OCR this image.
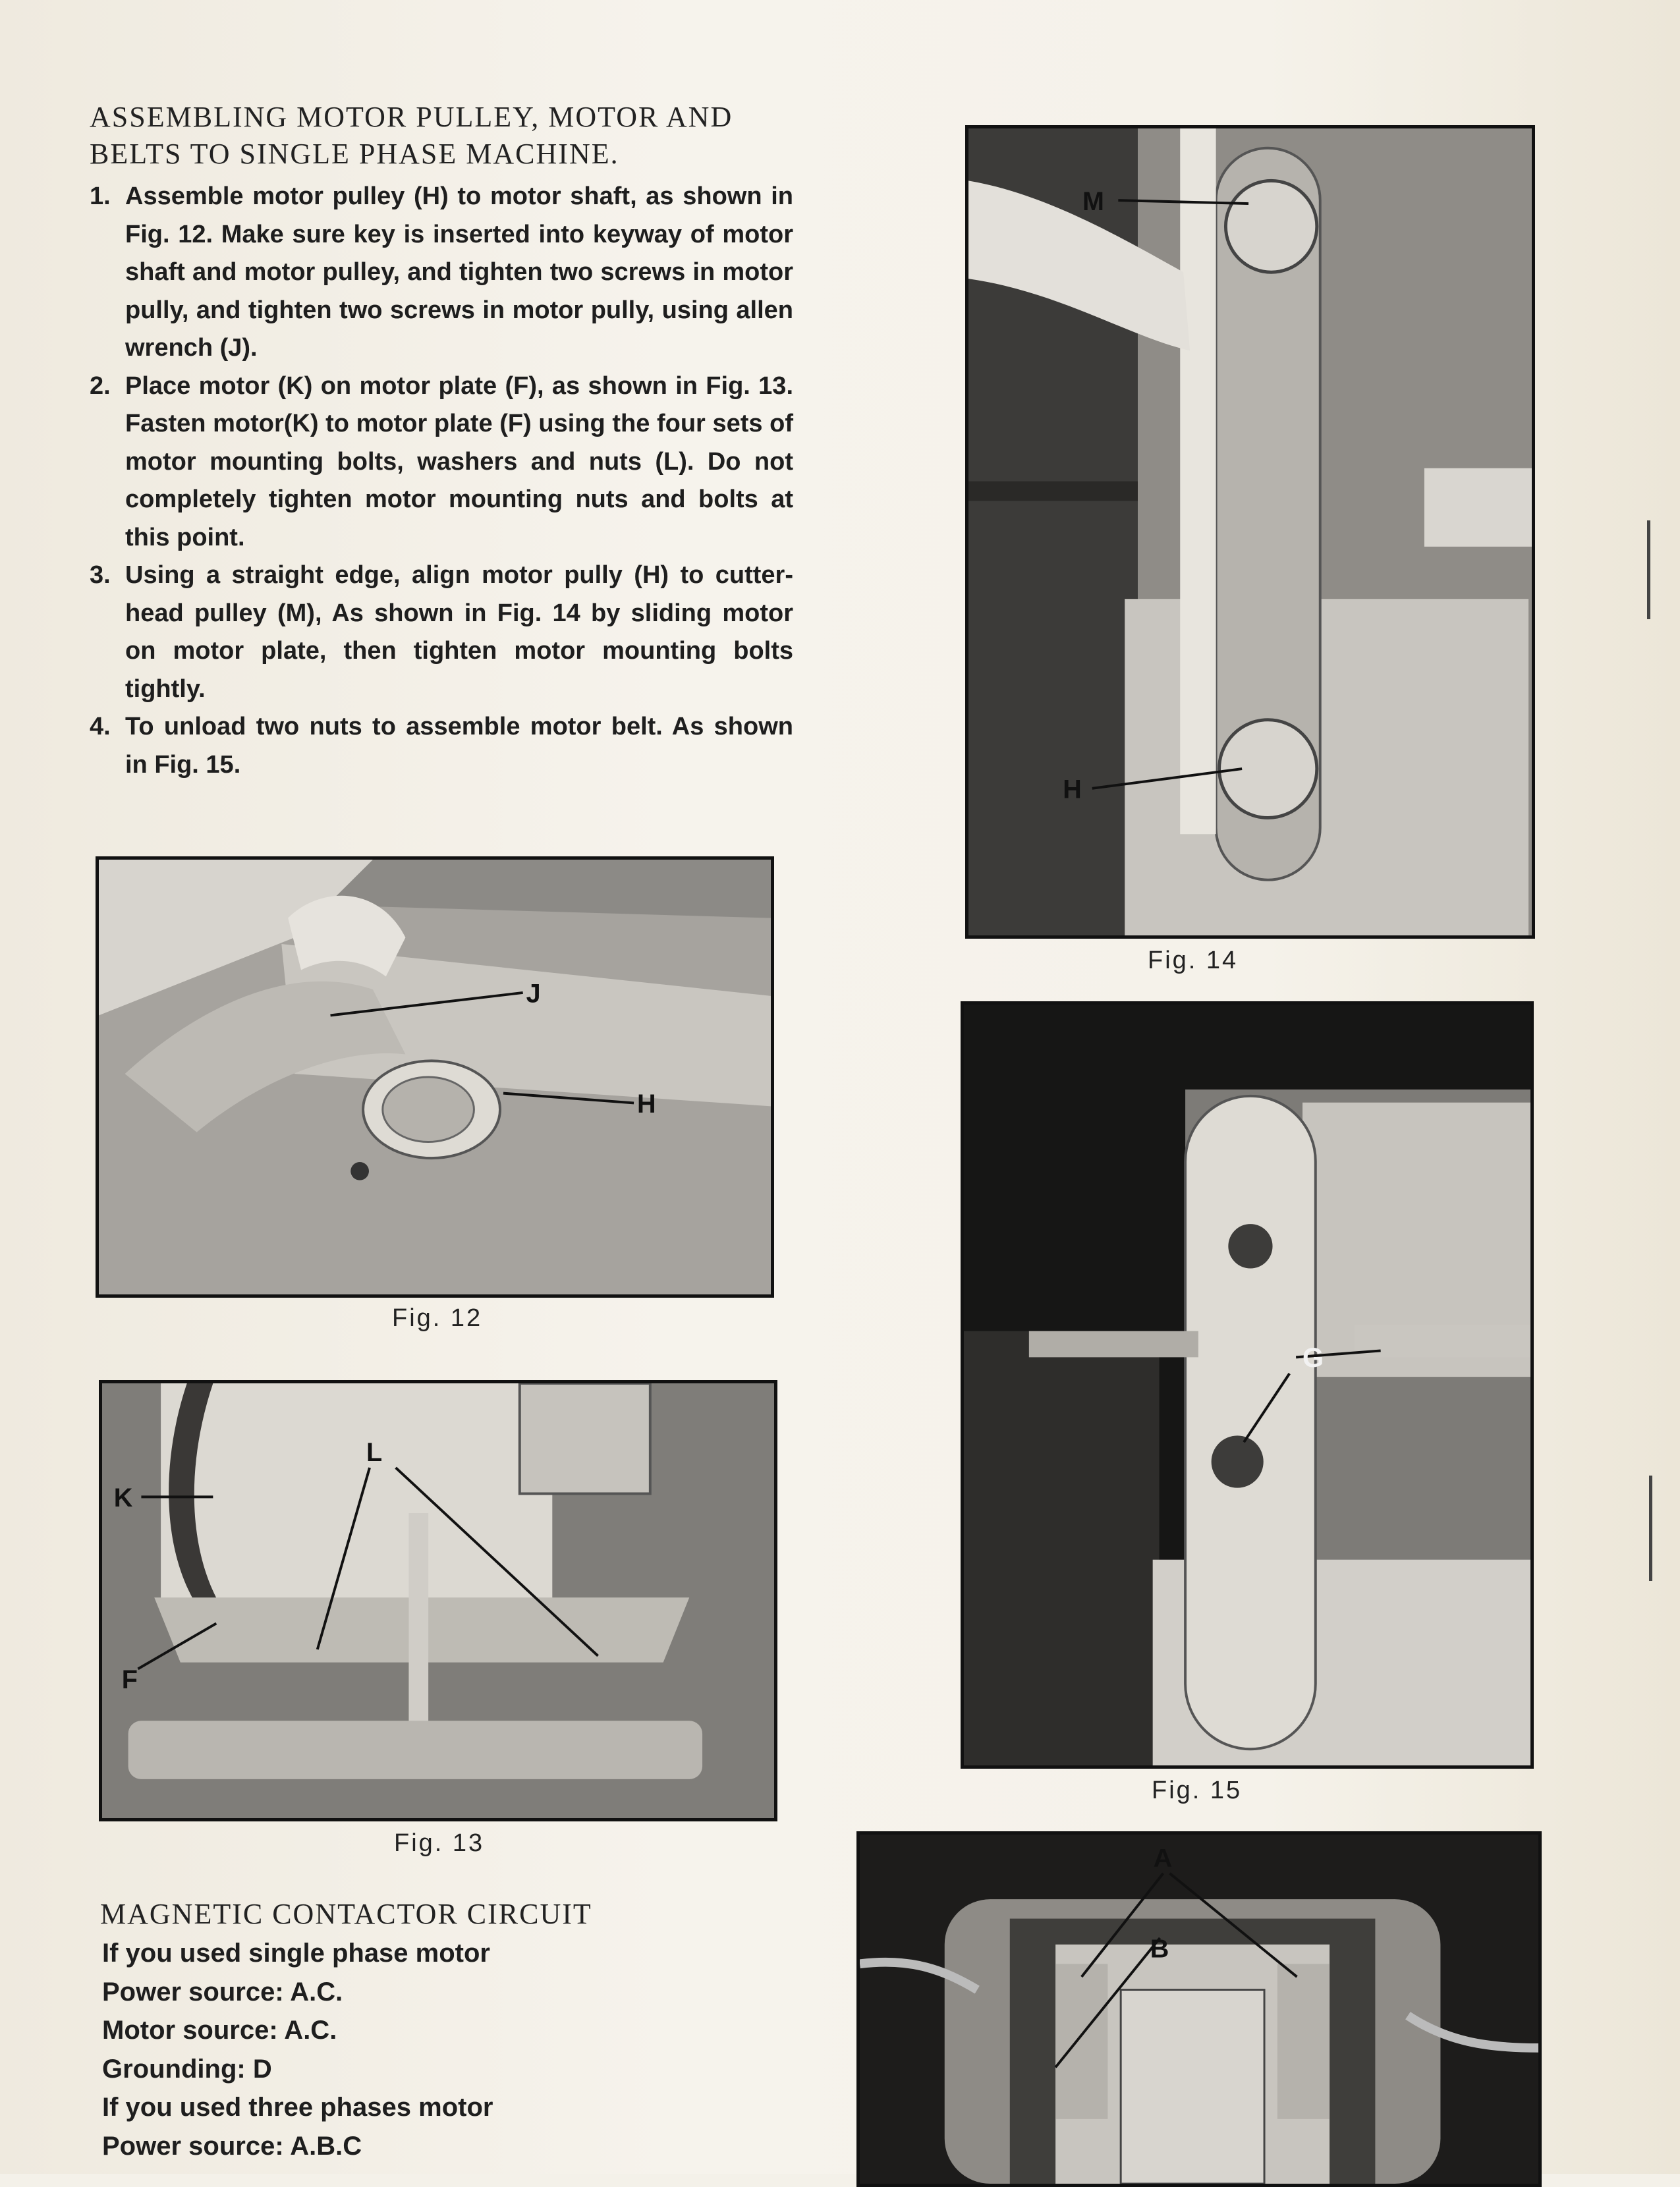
ASSEMBLING MOTOR PULLEY, MOTOR AND
BELTS TO SINGLE PHASE MACHINE.
1. Assemble motor pulley (H) to motor shaft, as shown in Fig. 12. Make sure key is inserted into keyway of motor shaft and motor pulley, and tighten two screws in motor pully, and tighten two screws in motor pully, using allen wrench (J).
2. Place motor (K) on motor plate (F), as shown in Fig. 13. Fasten motor(K) to motor plate (F) using the four sets of motor mounting bolts, washers and nuts (L). Do not completely tighten motor mounting nuts and bolts at this point.
3. Using a straight edge, align motor pully (H) to cutter-head pulley (M), As shown in Fig. 14 by sliding motor on motor plate, then tighten motor mounting bolts tightly.
4. To unload two nuts to assemble motor belt. As shown in Fig. 15.
J
H
Fig. 12
L
K
F
Fig. 13
M
H
Fig. 14
G
Fig. 15
A
B
MAGNETIC CONTACTOR CIRCUIT
If you used single phase motor
Power source: A.C.
Motor source: A.C.
Grounding: D
If you used three phases motor
Power source: A.B.C
